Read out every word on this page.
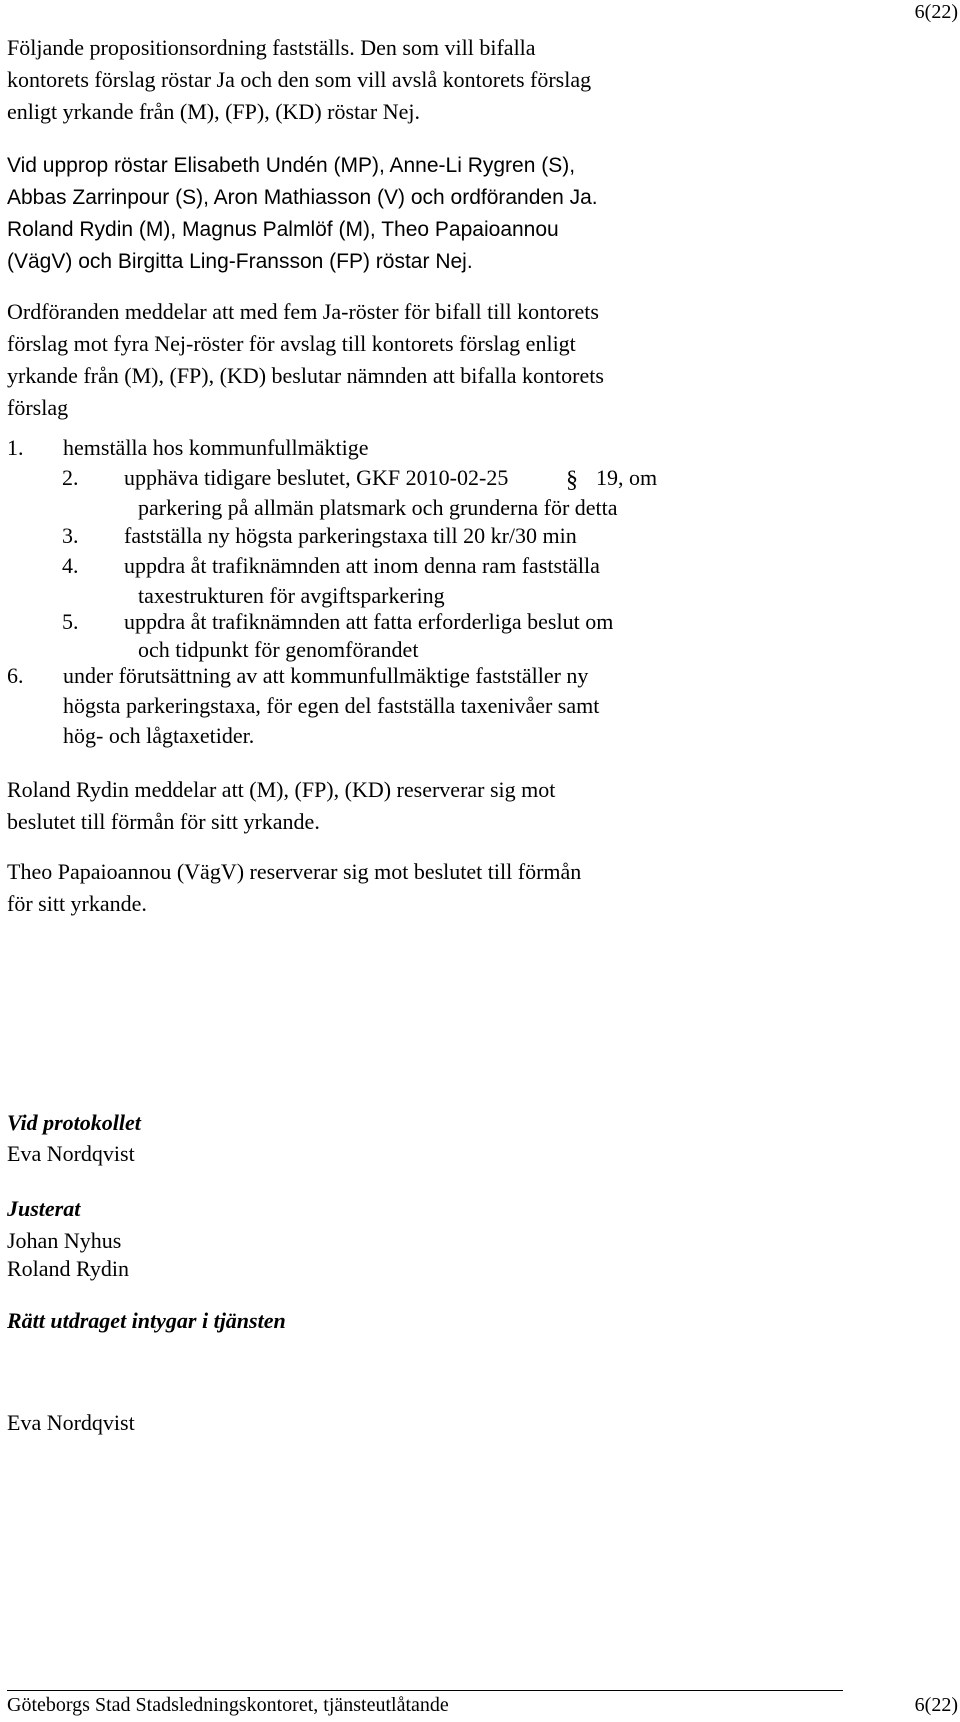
6(22)
Följande propositionsordning fastställs. Den som vill bifalla
kontorets förslag röstar Ja och den som vill avslå kontorets förslag
enligt yrkande från (M), (FP), (KD) röstar Nej.
Vid upprop röstar Elisabeth Undén (MP), Anne-Li Rygren (S),
Abbas Zarrinpour (S), Aron Mathiasson (V) och ordföranden Ja.
Roland Rydin (M), Magnus Palmlöf (M), Theo Papaioannou
(VägV) och Birgitta Ling-Fransson (FP) röstar Nej.
Ordföranden meddelar att med fem Ja-röster för bifall till kontorets
förslag mot fyra Nej-röster för avslag till kontorets förslag enligt
yrkande från (M), (FP), (KD) beslutar nämnden att bifalla kontorets
förslag
1. hemställa hos kommunfullmäktige
2. upphäva tidigare beslutet, GKF 2010-02-25 § 19, om
parkering på allmän platsmark och grunderna för detta
3. fastställa ny högsta parkeringstaxa till 20 kr/30 min
4. uppdra åt trafiknämnden att inom denna ram fastställa
taxestrukturen för avgiftsparkering
5. uppdra åt trafiknämnden att fatta erforderliga beslut om
och tidpunkt för genomförandet
6. under förutsättning av att kommunfullmäktige fastställer ny
högsta parkeringstaxa, för egen del fastställa taxenivåer samt
hög- och lågtaxetider.
Roland Rydin meddelar att (M), (FP), (KD) reserverar sig mot
beslutet till förmån för sitt yrkande.
Theo Papaioannou (VägV) reserverar sig mot beslutet till förmån
för sitt yrkande.
Vid protokollet
Eva Nordqvist
Justerat
Johan Nyhus
Roland Rydin
Rätt utdraget intygar i tjänsten
Eva Nordqvist
Göteborgs Stad Stadsledningskontoret, tjänsteutlåtande	6(22)
